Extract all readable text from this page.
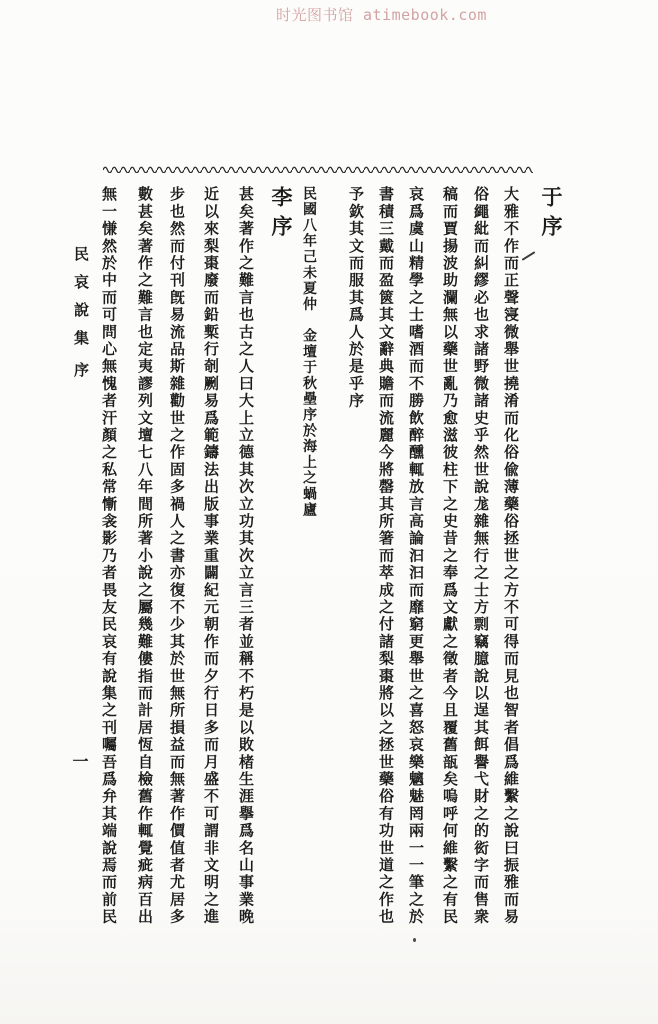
时光图书馆 atimebook.com
于序
大雅不作而正聲寖微舉世撓淆而化俗偸薄藥俗拯世之方不可得而見也智者倡爲維繫之說曰振雅而易
俗繩紕而糾繆必也求諸野微諸史乎然世說尨雜無行之士方剽竊臆說以逞其餌譽弋財之的衒字而售衆
稿而賈揚波助瀾無以藥世亂乃愈滋彼柱下之史昔之奉爲文獻之徵者今且覆舊瓿矣嗚呼何維繫之有民
哀爲虞山精學之士嗜酒而不勝飲醉醺輒放言高論汩汩而靡窮更舉世之喜怒哀樂魑魅罔兩一一筆之於
書積三戴而盈篋其文辭典贍而流麗今將罄其所箸而萃成之付諸梨棗將以之拯世藥俗有功世道之作也
予欽其文而服其爲人於是乎序
民國八年己未夏仲　金壇于秋壘序於海上之蝸廬
李序
甚矣著作之難言也古之人曰大上立德其次立功其次立言三者並稱不朽是以敗楮生涯擧爲名山事業晚
近以來梨棗廢而鉛槧行剞劂易爲範鑄法出版事業重闢紀元朝作而夕行日多而月盛不可謂非文明之進
步也然而付刊旣易流品斯雜勸世之作固多禍人之書亦復不少其於世無所損益而無著作價值者尤居多
數甚矣著作之難言也定夷謬列文壇七八年間所著小說之屬幾難僂指而計居恆自檢舊作輒覺疵病百出
無一慊然於中而可問心無愧者汗顏之私常慚衾影乃者畏友民哀有說集之刊囑吾爲弁其端說焉而前民
民哀說集
序
一
